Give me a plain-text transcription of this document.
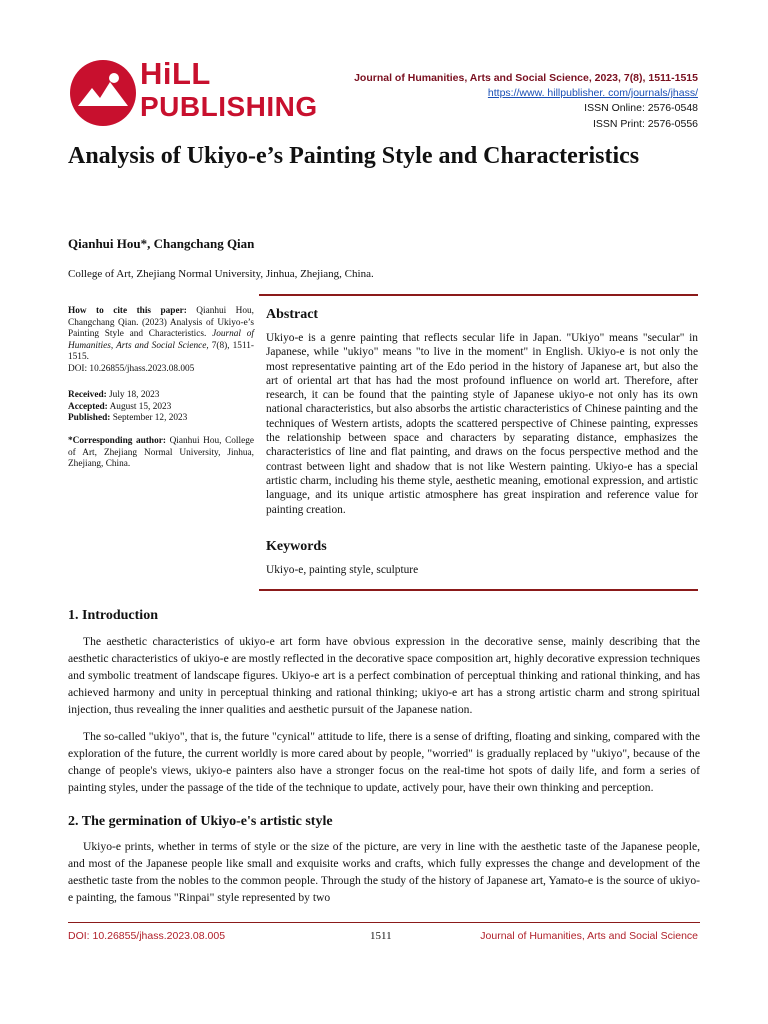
HiLL
PUBLISHING
Journal of Humanities, Arts and Social Science, 2023, 7(8), 1511-1515
https://www. hillpublisher. com/journals/jhass/
ISSN Online: 2576-0548
ISSN Print: 2576-0556
Analysis of Ukiyo-e’s Painting Style and Characteristics
Qianhui Hou*, Changchang Qian
College of Art, Zhejiang Normal University, Jinhua, Zhejiang, China.
How to cite this paper: Qianhui Hou, Changchang Qian. (2023) Analysis of Ukiyo-e’s Painting Style and Characteristics. Journal of Humanities, Arts and Social Science, 7(8), 1511-1515.
DOI: 10.26855/jhass.2023.08.005
Received: July 18, 2023
Accepted: August 15, 2023
Published: September 12, 2023
*Corresponding author: Qianhui Hou, College of Art, Zhejiang Normal University, Jinhua, Zhejiang, China.
Abstract
Ukiyo-e is a genre painting that reflects secular life in Japan. "Ukiyo" means "secular" in Japanese, while "ukiyo" means "to live in the moment" in English. Ukiyo-e is not only the most representative painting art of the Edo period in the history of Japanese art, but also the art of oriental art that has had the most profound influence on world art. Therefore, after research, it can be found that the painting style of Japanese ukiyo-e not only has its own national characteristics, but also absorbs the artistic characteristics of Chinese painting and the techniques of Western artists, adopts the scattered perspective of Chinese painting, expresses the relationship between space and characters by separating distance, emphasizes the characteristics of line and flat painting, and draws on the focus perspective method and the contrast between light and shadow that is not like Western painting. Ukiyo-e has a special artistic charm, including his theme style, aesthetic meaning, emotional expression, and artistic language, and its unique artistic atmosphere has great inspiration and reference value for painting creation.
Keywords
Ukiyo-e, painting style, sculpture
1. Introduction
The aesthetic characteristics of ukiyo-e art form have obvious expression in the decorative sense, mainly describing that the aesthetic characteristics of ukiyo-e are mostly reflected in the decorative space composition art, highly decorative expression techniques and symbolic treatment of landscape figures. Ukiyo-e art is a perfect combination of perceptual thinking and rational thinking, and has achieved harmony and unity in perceptual thinking and rational thinking; ukiyo-e art has a strong artistic charm and strong spiritual injection, thus revealing the inner qualities and aesthetic pursuit of the Japanese nation.
The so-called "ukiyo", that is, the future "cynical" attitude to life, there is a sense of drifting, floating and sinking, compared with the exploration of the future, the current worldly is more cared about by people, "worried" is gradually replaced by "ukiyo", because of the change of people's views, ukiyo-e painters also have a stronger focus on the real-time hot spots of daily life, and form a series of painting styles, under the passage of the tide of the technique to update, actively pour, have their own thinking and perception.
2. The germination of Ukiyo-e's artistic style
Ukiyo-e prints, whether in terms of style or the size of the picture, are very in line with the aesthetic taste of the Japanese people, and most of the Japanese people like small and exquisite works and crafts, which fully expresses the change and development of the aesthetic taste from the nobles to the common people. Through the study of the history of Japanese art, Yamato-e is the source of ukiyo-e painting, the famous "Rinpai" style represented by two
DOI: 10.26855/jhass.2023.08.005	1511	Journal of Humanities, Arts and Social Science
